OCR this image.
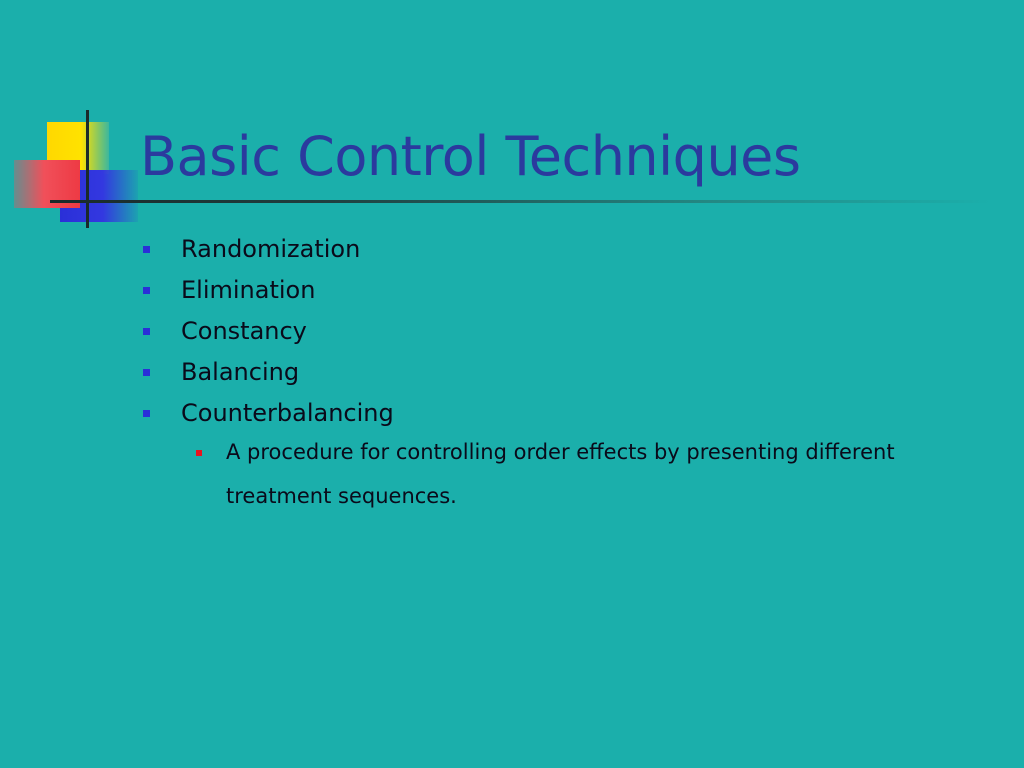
Basic Control Techniques
Randomization
Elimination
Constancy
Balancing
Counterbalancing
A procedure for controlling order effects by presenting different treatment sequences.
